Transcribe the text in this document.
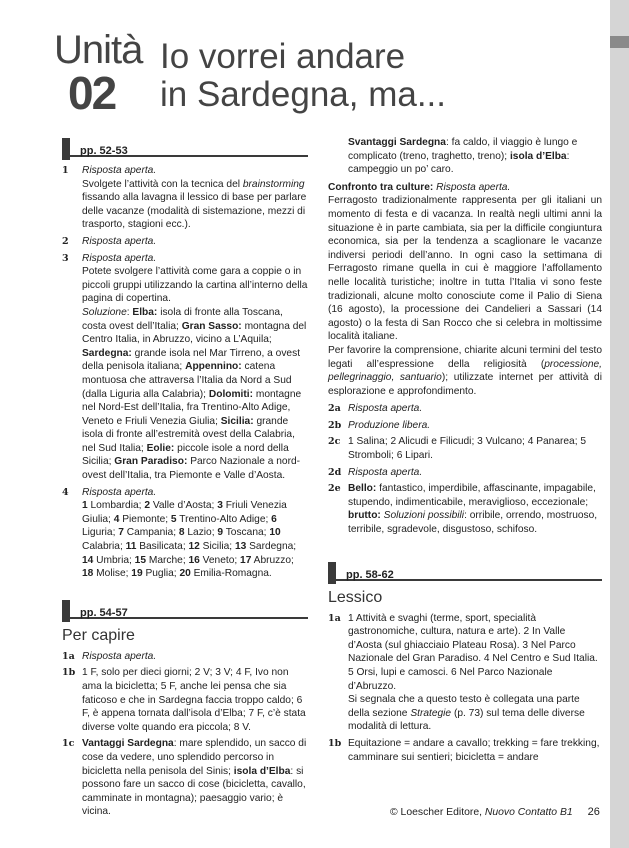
Unità
02
Io vorrei andare
in Sardegna, ma...
pp. 52-53
1 Risposta aperta.

Svolgete l’attività con la tecnica del brainstorming fissando alla lavagna il lessico di base per parlare delle vacanze (modalità di sistemazione, mezzi di trasporto, stagioni ecc.).

2 Risposta aperta.

3 Risposta aperta.

Potete svolgere l’attività come gara a coppie o in piccoli gruppi utilizzando la cartina all’interno della pagina di copertina.

Soluzione: Elba: isola di fronte alla Toscana, costa ovest dell’Italia; Gran Sasso: montagna del Centro Italia, in Abruzzo, vicino a L’Aquila; Sardegna: grande isola nel Mar Tirreno, a ovest della penisola italiana; Appennino: catena montuosa che attraversa l’Italia da Nord a Sud (dalla Liguria alla Calabria); Dolomiti: montagne nel Nord-Est dell’Italia, fra Trentino-Alto Adige, Veneto e Friuli Venezia Giulia; Sicilia: grande isola di fronte all’estremità ovest della Calabria, nel Sud Italia; Eolie: piccole isole a nord della Sicilia; Gran Paradiso: Parco Nazionale a nord-ovest dell’Italia, tra Piemonte e Valle d’Aosta.

4 Risposta aperta.

1 Lombardia; 2 Valle d’Aosta; 3 Friuli Venezia Giulia; 4 Piemonte; 5 Trentino-Alto Adige; 6 Liguria; 7 Campania; 8 Lazio; 9 Toscana; 10 Calabria; 11 Basilicata; 12 Sicilia; 13 Sardegna; 14 Umbria; 15 Marche; 16 Veneto; 17 Abruzzo; 18 Molise; 19 Puglia; 20 Emilia-Romagna.

pp. 54-57
Per capire
1a Risposta aperta.

1b 1 F, solo per dieci giorni; 2 V; 3 V; 4 F, Ivo non ama la bicicletta; 5 F, anche lei pensa che sia faticoso e che in Sardegna faccia troppo caldo; 6 F, è appena tornata dall’isola d’Elba; 7 F, c’è stata diverse volte quando era piccola; 8 V.

1c Vantaggi Sardegna: mare splendido, un sacco di cose da vedere, uno splendido percorso in bicicletta nella penisola del Sinis; isola d’Elba: si possono fare un sacco di cose (bicicletta, cavallo, camminate in montagna); paesaggio vario; è vicina.

Svantaggi Sardegna: fa caldo, il viaggio è lungo e complicato (treno, traghetto, treno); isola d’Elba: campeggio un po’ caro.

Confronto tra culture: Risposta aperta.

Ferragosto tradizionalmente rappresenta per gli italiani un momento di festa e di vacanza. In realtà negli ultimi anni la situazione è in parte cambiata, sia per la difficile congiuntura economica, sia per la tendenza a scaglionare le vacanze indiversi periodi dell’anno. In ogni caso la settimana di Ferragosto rimane quella in cui è maggiore l’affollamento nelle località turistiche; inoltre in tutta l’Italia vi sono feste tradizionali, alcune molto conosciute come il Palio di Siena (16 agosto), la processione dei Candelieri a Sassari (14 agosto) o la festa di San Rocco che si celebra in moltissime località italiane.

Per favorire la comprensione, chiarite alcuni termini del testo legati all’espressione della religiosità (processione, pellegrinaggio, santuario); utilizzate internet per attività di esplorazione e approfondimento.

2a Risposta aperta.

2b Produzione libera.

2c 1 Salina; 2 Alicudi e Filicudi; 3 Vulcano; 4 Panarea; 5 Stromboli; 6 Lipari.

2d Risposta aperta.

2e Bello: fantastico, imperdibile, affascinante, impagabile, stupendo, indimenticabile, meraviglioso, eccezionale; brutto: Soluzioni possibili: orribile, orrendo, mostruoso, terribile, sgradevole, disgustoso, schifoso.

pp. 58-62
Lessico
1a 1 Attività e svaghi (terme, sport, specialità gastronomiche, cultura, natura e arte). 2 In Valle d’Aosta (sul ghiacciaio Plateau Rosa). 3 Nel Parco Nazionale del Gran Paradiso. 4 Nel Centro e Sud Italia. 5 Orsi, lupi e camosci. 6 Nel Parco Nazionale d’Abruzzo.

Si segnala che a questo testo è collegata una parte della sezione Strategie (p. 73) sul tema delle diverse modalità di lettura.

1b Equitazione = andare a cavallo; trekking = fare trekking, camminare sui sentieri; bicicletta = andare

© Loescher Editore, Nuovo Contatto B1 26
